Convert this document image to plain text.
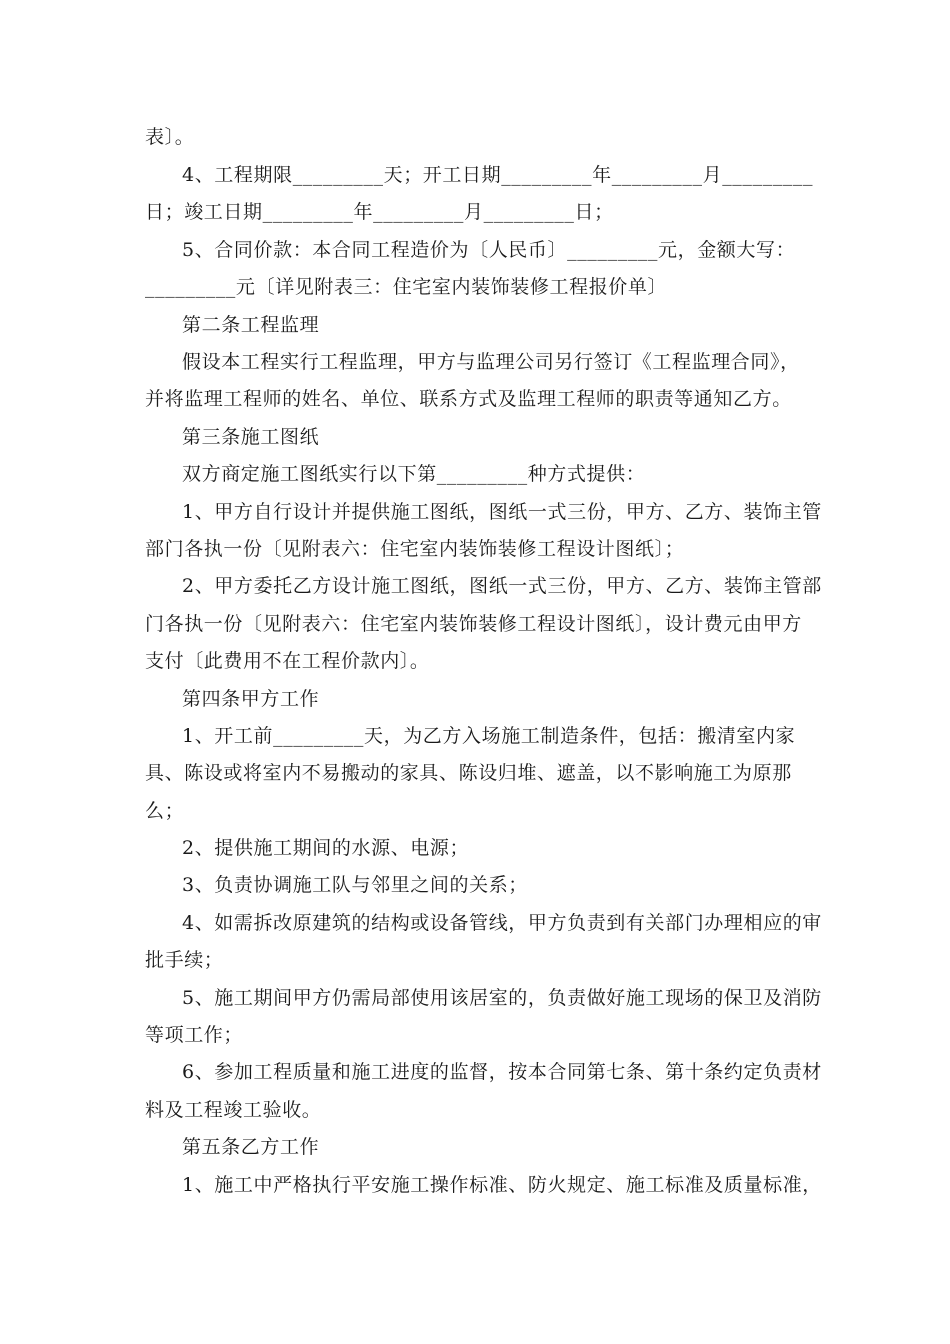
表〕。
4、工程期限_________天；开工日期_________年_________月_________
日；竣工日期_________年_________月_________日；
5、合同价款：本合同工程造价为〔人民币〕_________元，金额大写：
_________元〔详见附表三：住宅室内装饰装修工程报价单〕
第二条工程监理
假设本工程实行工程监理，甲方与监理公司另行签订《工程监理合同》，
并将监理工程师的姓名、单位、联系方式及监理工程师的职责等通知乙方。
第三条施工图纸
双方商定施工图纸实行以下第_________种方式提供：
1、甲方自行设计并提供施工图纸，图纸一式三份，甲方、乙方、装饰主管
部门各执一份〔见附表六：住宅室内装饰装修工程设计图纸〕；
2、甲方委托乙方设计施工图纸，图纸一式三份，甲方、乙方、装饰主管部
门各执一份〔见附表六：住宅室内装饰装修工程设计图纸〕，设计费元由甲方
支付〔此费用不在工程价款内〕。
第四条甲方工作
1、开工前_________天，为乙方入场施工制造条件，包括：搬清室内家
具、陈设或将室内不易搬动的家具、陈设归堆、遮盖，以不影响施工为原那
么；
2、提供施工期间的水源、电源；
3、负责协调施工队与邻里之间的关系；
4、如需拆改原建筑的结构或设备管线，甲方负责到有关部门办理相应的审
批手续；
5、施工期间甲方仍需局部使用该居室的，负责做好施工现场的保卫及消防
等项工作；
6、参加工程质量和施工进度的监督，按本合同第七条、第十条约定负责材
料及工程竣工验收。
第五条乙方工作
1、施工中严格执行平安施工操作标准、防火规定、施工标准及质量标准，
